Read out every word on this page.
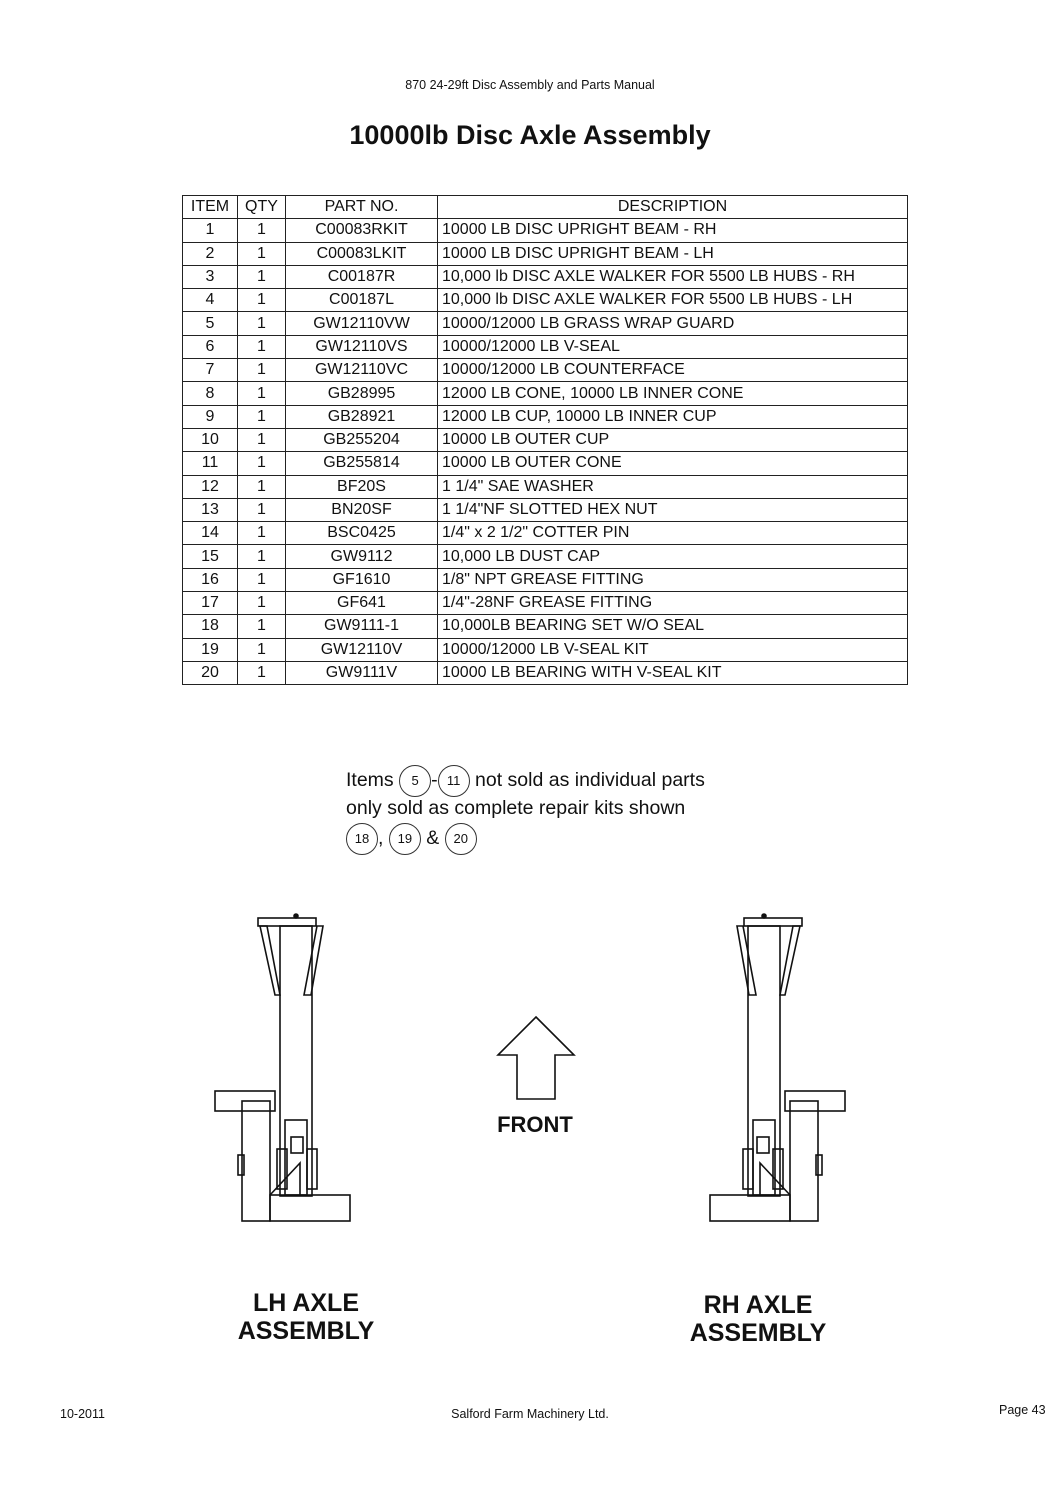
870 24-29ft Disc Assembly and Parts Manual
10000lb Disc Axle Assembly
ITEM	QTY	PART NO.	DESCRIPTION
1	1	C00083RKIT	10000 LB DISC UPRIGHT BEAM - RH
2	1	C00083LKIT	10000 LB DISC UPRIGHT BEAM - LH
3	1	C00187R	10,000 lb DISC AXLE WALKER FOR 5500 LB HUBS - RH
4	1	C00187L	10,000 lb DISC AXLE WALKER FOR 5500 LB HUBS - LH
5	1	GW12110VW	10000/12000 LB GRASS WRAP GUARD
6	1	GW12110VS	10000/12000 LB V-SEAL
7	1	GW12110VC	10000/12000 LB COUNTERFACE
8	1	GB28995	12000 LB CONE, 10000 LB INNER CONE
9	1	GB28921	12000 LB CUP, 10000 LB INNER CUP
10	1	GB255204	10000 LB OUTER CUP
11	1	GB255814	10000 LB OUTER CONE
12	1	BF20S	1 1/4" SAE WASHER
13	1	BN20SF	1 1/4"NF SLOTTED HEX NUT
14	1	BSC0425	1/4" x 2 1/2" COTTER PIN
15	1	GW9112	10,000 LB DUST CAP
16	1	GF1610	1/8" NPT GREASE FITTING
17	1	GF641	1/4"-28NF GREASE FITTING
18	1	GW9111-1	10,000LB BEARING SET W/O SEAL
19	1	GW12110V	10000/12000 LB V-SEAL KIT
20	1	GW9111V	10000 LB BEARING WITH V-SEAL KIT
Items 5 - 11 not sold as individual parts
only sold as complete repair kits shown
18 , 19 & 20
FRONT
LH AXLE
ASSEMBLY
RH AXLE
ASSEMBLY
10-2011	Salford Farm Machinery Ltd.	Page 43
